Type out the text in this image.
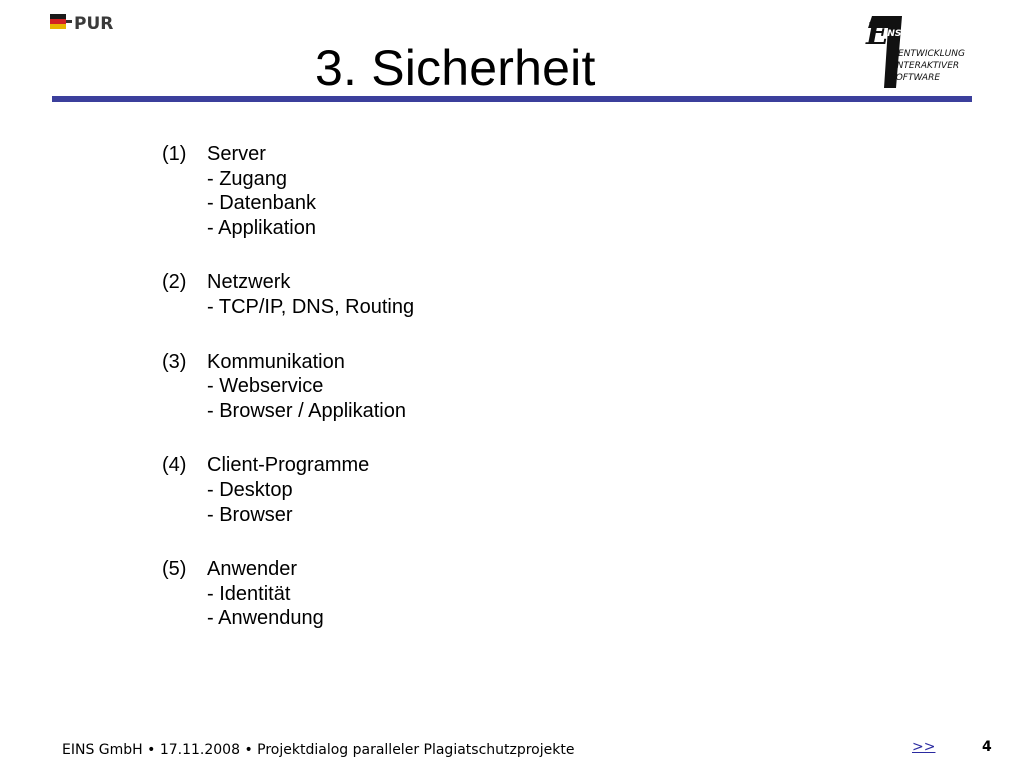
PUR	E
INS
ENTWICKLUNG
INTERAKTIVER
SOFTWARE
3. Sicherheit
(1)	Server
- Zugang
- Datenbank
- Applikation
(2)	Netzwerk
- TCP/IP, DNS, Routing
(3)	Kommunikation
- Webservice
- Browser / Applikation
(4)	Client-Programme
- Desktop
- Browser
(5)	Anwender
- Identität
- Anwendung
EINS GmbH • 17.11.2008 • Projektdialog paralleler Plagiatschutzprojekte	>>	4
